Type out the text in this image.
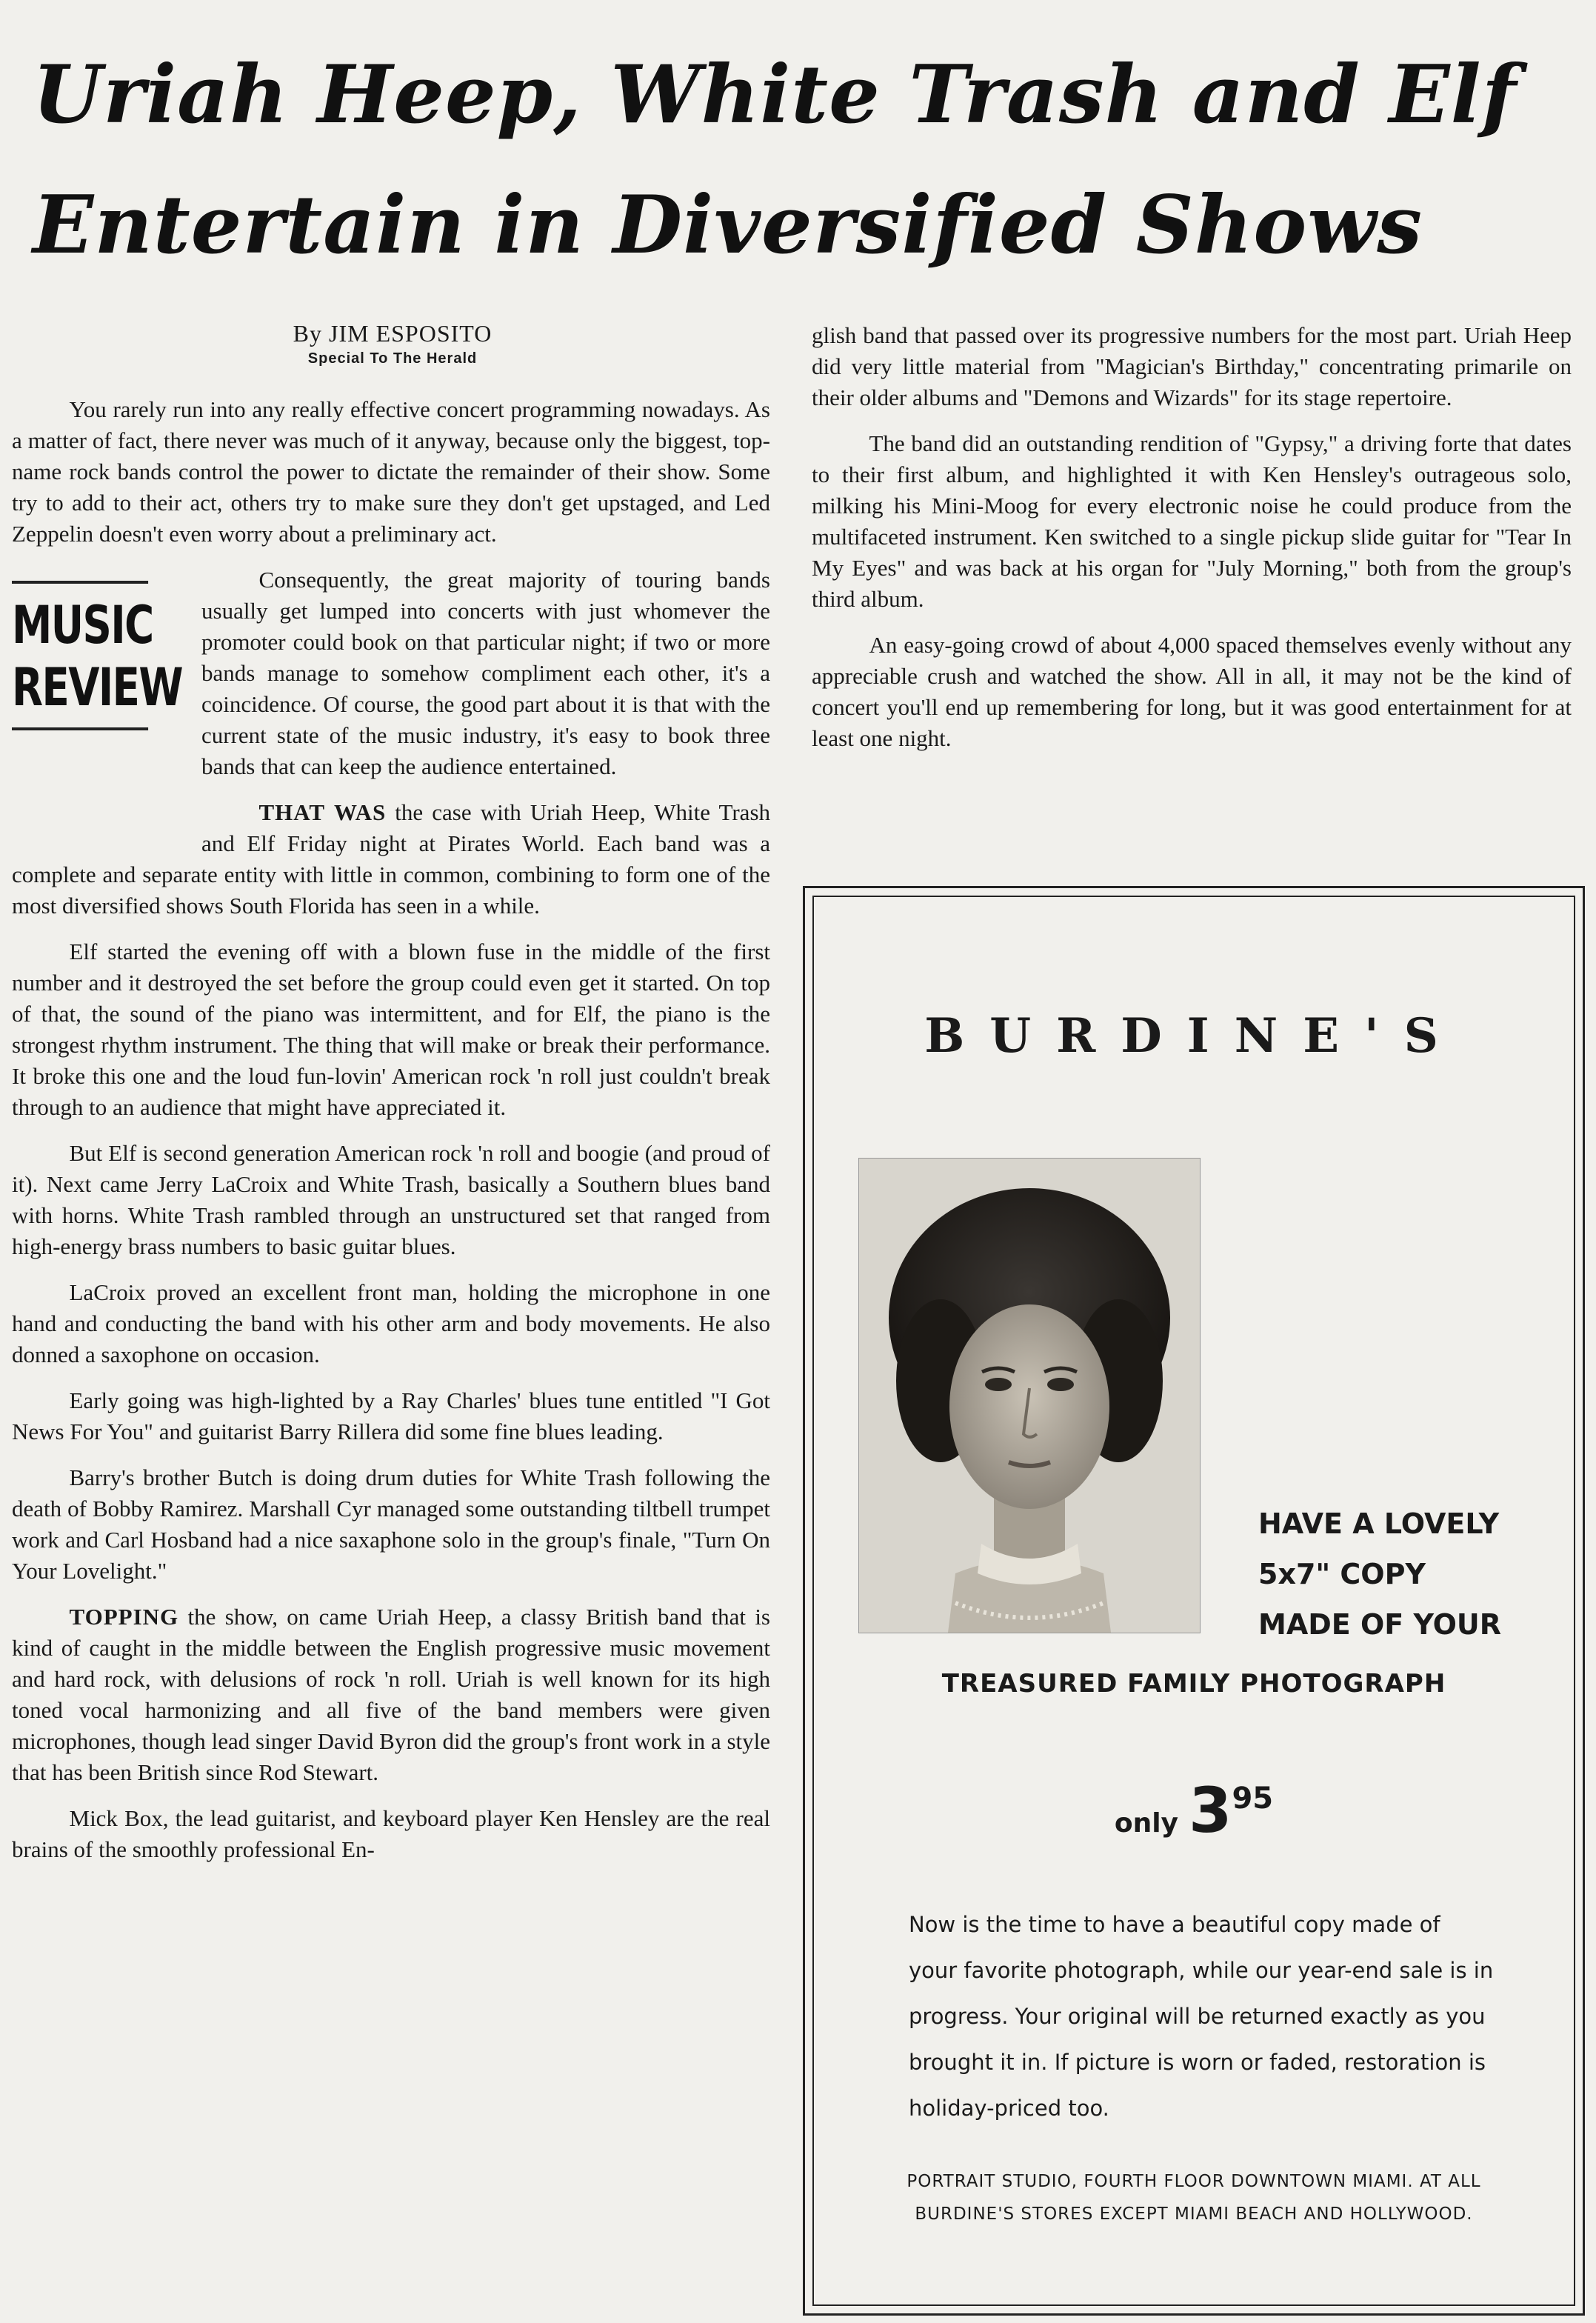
Uriah Heep, White Trash and Elf
Entertain in Diversified Shows
By JIM ESPOSITO
Special To The Herald

You rarely run into any really effective concert programming nowadays. As a matter of fact, there never was much of it anyway, because only the biggest, top-name rock bands control the power to dictate the remainder of their show. Some try to add to their act, others try to make sure they don't get upstaged, and Led Zeppelin doesn't even worry about a preliminary act.

MUSIC
REVIEW

Consequently, the great majority of touring bands usually get lumped into concerts with just whomever the promoter could book on that particular night; if two or more bands manage to somehow compliment each other, it's a coincidence. Of course, the good part about it is that with the current state of the music industry, it's easy to book three bands that can keep the audience entertained.

THAT WAS the case with Uriah Heep, White Trash and Elf Friday night at Pirates World. Each band was a complete and separate entity with little in common, combining to form one of the most diversified shows South Florida has seen in a while.

Elf started the evening off with a blown fuse in the middle of the first number and it destroyed the set before the group could even get it started. On top of that, the sound of the piano was intermittent, and for Elf, the piano is the strongest rhythm instrument. The thing that will make or break their performance. It broke this one and the loud fun-lovin' American rock 'n roll just couldn't break through to an audience that might have appreciated it.

But Elf is second generation American rock 'n roll and boogie (and proud of it). Next came Jerry LaCroix and White Trash, basically a Southern blues band with horns. White Trash rambled through an unstructured set that ranged from high-energy brass numbers to basic guitar blues.

LaCroix proved an excellent front man, holding the microphone in one hand and conducting the band with his other arm and body movements. He also donned a saxophone on occasion.

Early going was high-lighted by a Ray Charles' blues tune entitled "I Got News For You" and guitarist Barry Rillera did some fine blues leading.

Barry's brother Butch is doing drum duties for White Trash following the death of Bobby Ramirez. Marshall Cyr managed some outstanding tiltbell trumpet work and Carl Hosband had a nice saxaphone solo in the group's finale, "Turn On Your Lovelight."

TOPPING the show, on came Uriah Heep, a classy British band that is kind of caught in the middle between the English progressive music movement and hard rock, with delusions of rock 'n roll. Uriah is well known for its high toned vocal harmonizing and all five of the band members were given microphones, though lead singer David Byron did the group's front work in a style that has been British since Rod Stewart.

Mick Box, the lead guitarist, and keyboard player Ken Hensley are the real brains of the smoothly professional En-

glish band that passed over its progressive numbers for the most part. Uriah Heep did very little material from "Magician's Birthday," concentrating primarile on their older albums and "Demons and Wizards" for its stage repertoire.

The band did an outstanding rendition of "Gypsy," a driving forte that dates to their first album, and highlighted it with Ken Hensley's outrageous solo, milking his Mini-Moog for every electronic noise he could produce from the multifaceted instrument. Ken switched to a single pickup slide guitar for "Tear In My Eyes" and was back at his organ for "July Morning," both from the group's third album.

An easy-going crowd of about 4,000 spaced themselves evenly without any appreciable crush and watched the show. All in all, it may not be the kind of concert you'll end up remembering for long, but it was good entertainment for at least one night.

BURDINE'S
HAVE A LOVELY
5x7" COPY
MADE OF YOUR
TREASURED FAMILY PHOTOGRAPH
only 395
Now is the time to have a beautiful copy made of your favorite photograph, while our year-end sale is in progress. Your original will be returned exactly as you brought it in. If picture is worn or faded, restoration is holiday-priced too.
PORTRAIT STUDIO, FOURTH FLOOR DOWNTOWN MIAMI. AT ALL BURDINE'S STORES EXCEPT MIAMI BEACH AND HOLLYWOOD.
